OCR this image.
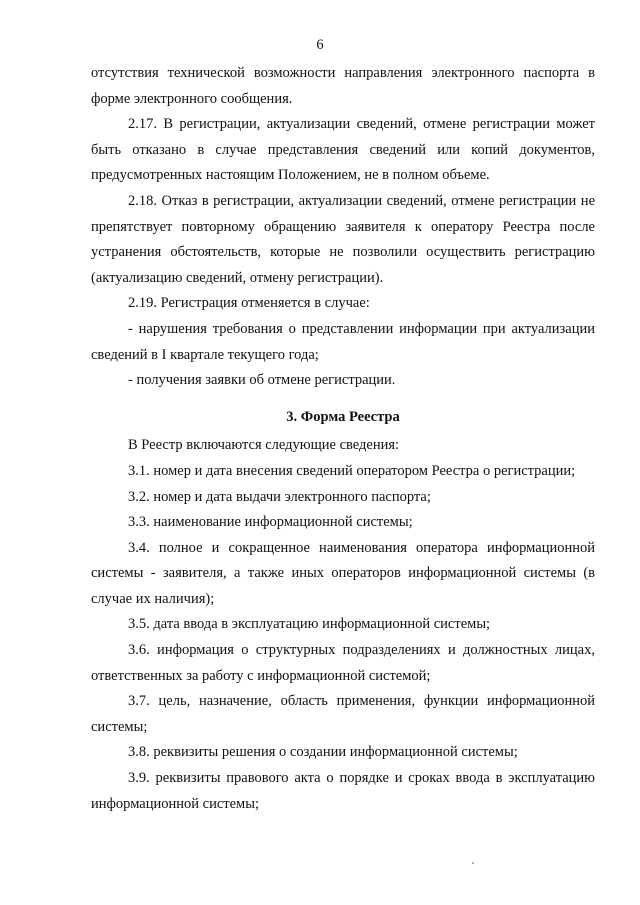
6

отсутствия технической возможности направления электронного паспорта в форме электронного сообщения.

2.17. В регистрации, актуализации сведений, отмене регистрации может быть отказано в случае представления сведений или копий документов, предусмотренных настоящим Положением, не в полном объеме.

2.18. Отказ в регистрации, актуализации сведений, отмене регистрации не препятствует повторному обращению заявителя к оператору Реестра после устранения обстоятельств, которые не позволили осуществить регистрацию (актуализацию сведений, отмену регистрации).

2.19. Регистрация отменяется в случае:

- нарушения требования о представлении информации при актуализации сведений в I квартале текущего года;

- получения заявки об отмене регистрации.

3. Форма Реестра

В Реестр включаются следующие сведения:

3.1. номер и дата внесения сведений оператором Реестра о регистрации;

3.2. номер и дата выдачи электронного паспорта;

3.3. наименование информационной системы;

3.4. полное и сокращенное наименования оператора информационной системы - заявителя, а также иных операторов информационной системы (в случае их наличия);

3.5. дата ввода в эксплуатацию информационной системы;

3.6. информация о структурных подразделениях и должностных лицах, ответственных за работу с информационной системой;

3.7. цель, назначение, область применения, функции информационной системы;

3.8. реквизиты решения о создании информационной системы;

3.9. реквизиты правового акта о порядке и сроках ввода в эксплуатацию информационной системы;
